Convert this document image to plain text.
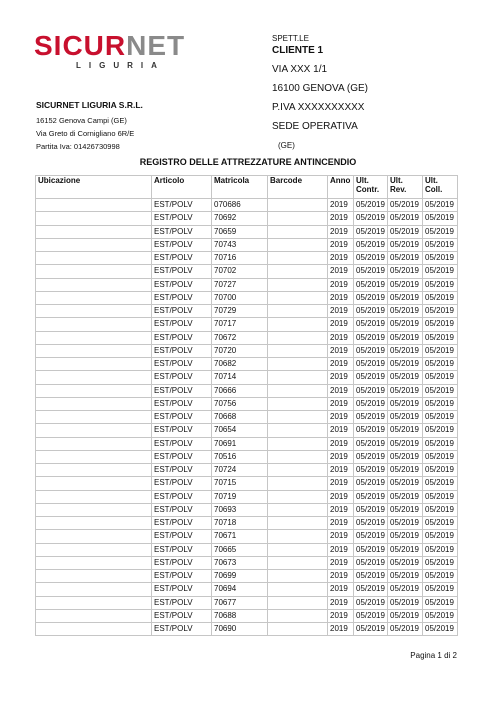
SICURNET
LIGURIA
SPETT.LE
CLIENTE 1
VIA XXX 1/1
16100 GENOVA (GE)
P.IVA XXXXXXXXXX
SEDE OPERATIVA
(GE)
SICURNET LIGURIA S.R.L.
16152 Genova Campi (GE)
Via Greto di Cornigliano 6R/E
Partita Iva: 01426730998
REGISTRO DELLE ATTREZZATURE ANTINCENDIO
Ubicazione	Articolo	Matricola	Barcode	Anno	Ult. Contr.	Ult. Rev.	Ult. Coll.
	EST/POLV	070686		2019	05/2019	05/2019	05/2019
	EST/POLV	70692		2019	05/2019	05/2019	05/2019
	EST/POLV	70659		2019	05/2019	05/2019	05/2019
	EST/POLV	70743		2019	05/2019	05/2019	05/2019
	EST/POLV	70716		2019	05/2019	05/2019	05/2019
	EST/POLV	70702		2019	05/2019	05/2019	05/2019
	EST/POLV	70727		2019	05/2019	05/2019	05/2019
	EST/POLV	70700		2019	05/2019	05/2019	05/2019
	EST/POLV	70729		2019	05/2019	05/2019	05/2019
	EST/POLV	70717		2019	05/2019	05/2019	05/2019
	EST/POLV	70672		2019	05/2019	05/2019	05/2019
	EST/POLV	70720		2019	05/2019	05/2019	05/2019
	EST/POLV	70682		2019	05/2019	05/2019	05/2019
	EST/POLV	70714		2019	05/2019	05/2019	05/2019
	EST/POLV	70666		2019	05/2019	05/2019	05/2019
	EST/POLV	70756		2019	05/2019	05/2019	05/2019
	EST/POLV	70668		2019	05/2019	05/2019	05/2019
	EST/POLV	70654		2019	05/2019	05/2019	05/2019
	EST/POLV	70691		2019	05/2019	05/2019	05/2019
	EST/POLV	70516		2019	05/2019	05/2019	05/2019
	EST/POLV	70724		2019	05/2019	05/2019	05/2019
	EST/POLV	70715		2019	05/2019	05/2019	05/2019
	EST/POLV	70719		2019	05/2019	05/2019	05/2019
	EST/POLV	70693		2019	05/2019	05/2019	05/2019
	EST/POLV	70718		2019	05/2019	05/2019	05/2019
	EST/POLV	70671		2019	05/2019	05/2019	05/2019
	EST/POLV	70665		2019	05/2019	05/2019	05/2019
	EST/POLV	70673		2019	05/2019	05/2019	05/2019
	EST/POLV	70699		2019	05/2019	05/2019	05/2019
	EST/POLV	70694		2019	05/2019	05/2019	05/2019
	EST/POLV	70677		2019	05/2019	05/2019	05/2019
	EST/POLV	70688		2019	05/2019	05/2019	05/2019
	EST/POLV	70690		2019	05/2019	05/2019	05/2019
Pagina 1 di 2
